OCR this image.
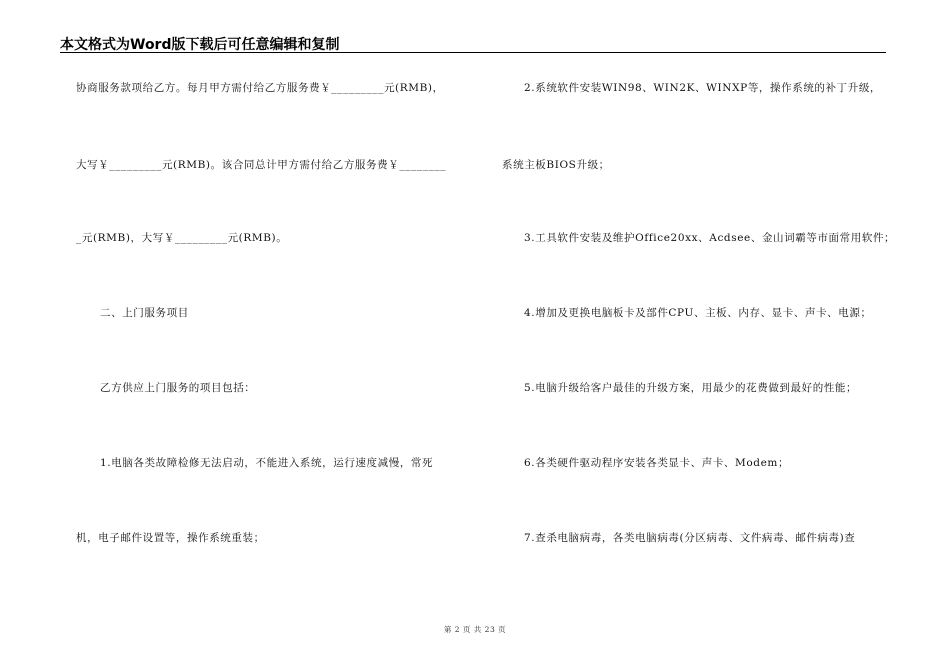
本文格式为Word版下载后可任意编辑和复制
协商服务款项给乙方。每月甲方需付给乙方服务费￥_________元(RMB)，
大写￥_________元(RMB)。该合同总计甲方需付给乙方服务费￥________
_元(RMB)，大写￥_________元(RMB)。
二、上门服务项目
乙方供应上门服务的项目包括：
1.电脑各类故障检修无法启动，不能进入系统，运行速度减慢，常死
机，电子邮件设置等，操作系统重装；
2.系统软件安装WIN98、WIN2K、WINXP等，操作系统的补丁升级，
系统主板BIOS升级；
3.工具软件安装及维护Office20xx、Acdsee、金山词霸等市面常用软件；
4.增加及更换电脑板卡及部件CPU、主板、内存、显卡、声卡、电源；
5.电脑升级给客户最佳的升级方案，用最少的花费做到最好的性能；
6.各类硬件驱动程序安装各类显卡、声卡、Modem；
7.查杀电脑病毒，各类电脑病毒(分区病毒、文件病毒、邮件病毒)查
第 2 页 共 23 页
